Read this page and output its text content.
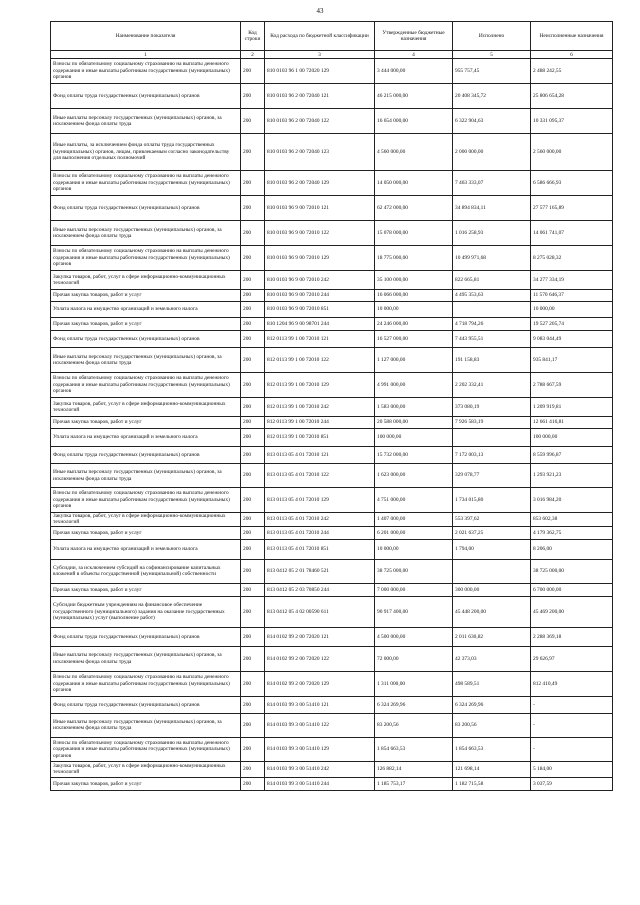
43
Наименование показателя	Код строки	Код расхода по бюджетной классификации	Утвержденные бюджетные назначения	Исполнено	Неисполненные назначения
1	2	3	4	5	6
Взносы по обязательному социальному страхованию на выплаты денежного содержания и иные выплаты работникам государственных (муниципальных) органов	200	810 0103 96 1 00 72020 129	3 444 000,00	955 757,45	2 488 242,55
Фонд оплаты труда государственных (муниципальных) органов	200	810 0103 96 2 00 72040 121	46 215 000,00	20 408 345,72	25 806 654,28
Иные выплаты персоналу государственных (муниципальных) органов, за исключением фонда оплаты труда	200	810 0103 96 2 00 72040 122	16 654 000,00	6 322 904,63	10 331 095,37
Иные выплаты, за исключением фонда оплаты труда государственных (муниципальных) органов, лицам, привлекаемым согласно законодательству для выполнения отдельных полномочий	200	810 0103 96 2 00 72040 123	4 560 000,00	2 000 000,00	2 560 000,00
Взносы по обязательному социальному страхованию на выплаты денежного содержания и иные выплаты работникам государственных (муниципальных) органов	200	810 0103 96 2 00 72040 129	14 050 000,00	7 463 333,07	6 586 666,93
Фонд оплаты труда государственных (муниципальных) органов	200	810 0103 96 9 00 72010 121	62 472 000,00	34 894 834,11	27 577 165,89
Иные выплаты персоналу государственных (муниципальных) органов, за исключением фонда оплаты труда	200	810 0103 96 9 00 72010 122	15 078 000,00	1 016 258,93	14 061 741,07
Взносы по обязательному социальному страхованию на выплаты денежного содержания и иные выплаты работникам государственных (муниципальных) органов	200	810 0103 96 9 00 72010 129	18 775 000,00	10 499 971,68	8 275 028,32
Закупка товаров, работ, услуг в сфере информационно-коммуникационных технологий	200	810 0103 96 9 00 72010 242	35 100 000,00	822 665,81	34 277 334,19
Прочая закупка товаров, работ и услуг	200	810 0103 96 9 00 72010 244	16 066 000,00	4 495 353,63	11 570 646,37
Уплата налога на имущество организаций и земельного налога	200	810 0103 96 9 00 72010 851	10 000,00		10 000,00
Прочая закупка товаров, работ и услуг	200	810 1204 96 9 00 98701 244	24 246 000,00	4 718 794,26	19 527 205,74
Фонд оплаты труда государственных (муниципальных) органов	200	812 0113 99 1 00 72010 121	16 527 000,00	7 443 955,51	9 083 044,49
Иные выплаты персоналу государственных (муниципальных) органов, за исключением фонда оплаты труда	200	812 0113 99 1 00 72010 122	1 127 000,00	191 158,83	935 841,17
Взносы по обязательному социальному страхованию на выплаты денежного содержания и иные выплаты работникам государственных (муниципальных) органов	200	812 0113 99 1 00 72010 129	4 991 000,00	2 202 332,41	2 788 667,59
Закупка товаров, работ, услуг в сфере информационно-коммуникационных технологий	200	812 0113 99 1 00 72010 242	1 583 000,00	373 080,19	1 209 919,81
Прочая закупка товаров, работ и услуг	200	812 0113 99 1 00 72010 244	20 588 000,00	7 926 583,19	12 661 416,81
Уплата налога на имущество организаций и земельного налога	200	812 0113 99 1 00 72010 851	100 000,00		100 000,00
Фонд оплаты труда государственных (муниципальных) органов	200	813 0113 05 4 01 72010 121	15 732 000,00	7 172 003,13	8 559 996,87
Иные выплаты персоналу государственных (муниципальных) органов, за исключением фонда оплаты труда	200	813 0113 05 4 01 72010 122	1 623 000,00	329 078,77	1 293 921,23
Взносы по обязательному социальному страхованию на выплаты денежного содержания и иные выплаты работникам государственных (муниципальных) органов	200	813 0113 05 4 01 72010 129	4 751 000,00	1 734 015,80	3 016 984,20
Закупка товаров, работ, услуг в сфере информационно-коммуникационных технологий	200	813 0113 05 4 01 72010 242	1 407 000,00	553 397,62	853 602,38
Прочая закупка товаров, работ и услуг	200	813 0113 05 4 01 72010 244	6 201 000,00	2 021 637,25	4 179 362,75
Уплата налога на имущество организаций и земельного налога	200	813 0113 05 4 01 72010 851	10 000,00	1 794,00	8 206,00
Субсидии, за исключением субсидий на софинансирование капитальных вложений в объекты государственной (муниципальной) собственности	200	813 0412 05 2 01 78460 521	38 725 000,00		38 725 000,00
Прочая закупка товаров, работ и услуг	200	813 0412 05 2 03 70850 244	7 000 000,00	300 000,00	6 700 000,00
Субсидии бюджетным учреждениям на финансовое обеспечение государственного (муниципального) задания на оказание государственных (муниципальных) услуг (выполнение работ)	200	813 0412 05 4 02 00590 611	90 917 400,00	45 448 200,00	45 469 200,00
Фонд оплаты труда государственных (муниципальных) органов	200	814 0102 99 2 00 72020 121	4 500 000,00	2 011 630,82	2 288 369,18
Иные выплаты персоналу государственных (муниципальных) органов, за исключением фонда оплаты труда	200	814 0102 99 2 00 72020 122	72 000,00	42 373,03	29 626,97
Взносы по обязательному социальному страхованию на выплаты денежного содержания и иные выплаты работникам государственных (муниципальных) органов	200	814 0102 99 2 00 72020 129	1 311 000,00	498 589,51	812 410,49
Фонд оплаты труда государственных (муниципальных) органов	200	814 0103 99 3 00 51410 121	6 324 269,96	6 324 269,96	-
Иные выплаты персоналу государственных (муниципальных) органов, за исключением фонда оплаты труда	200	814 0103 99 3 00 51410 122	83 200,56	83 200,56	-
Взносы по обязательному социальному страхованию на выплаты денежного содержания и иные выплаты работникам государственных (муниципальных) органов	200	814 0103 99 3 00 51410 129	1 854 663,53	1 854 663,53	-
Закупка товаров, работ, услуг в сфере информационно-коммуникационных технологий	200	814 0103 99 3 00 51410 242	126 882,14	121 698,14	5 184,00
Прочая закупка товаров, работ и услуг	200	814 0103 99 3 00 51410 244	1 185 753,17	1 182 715,58	3 037,59
